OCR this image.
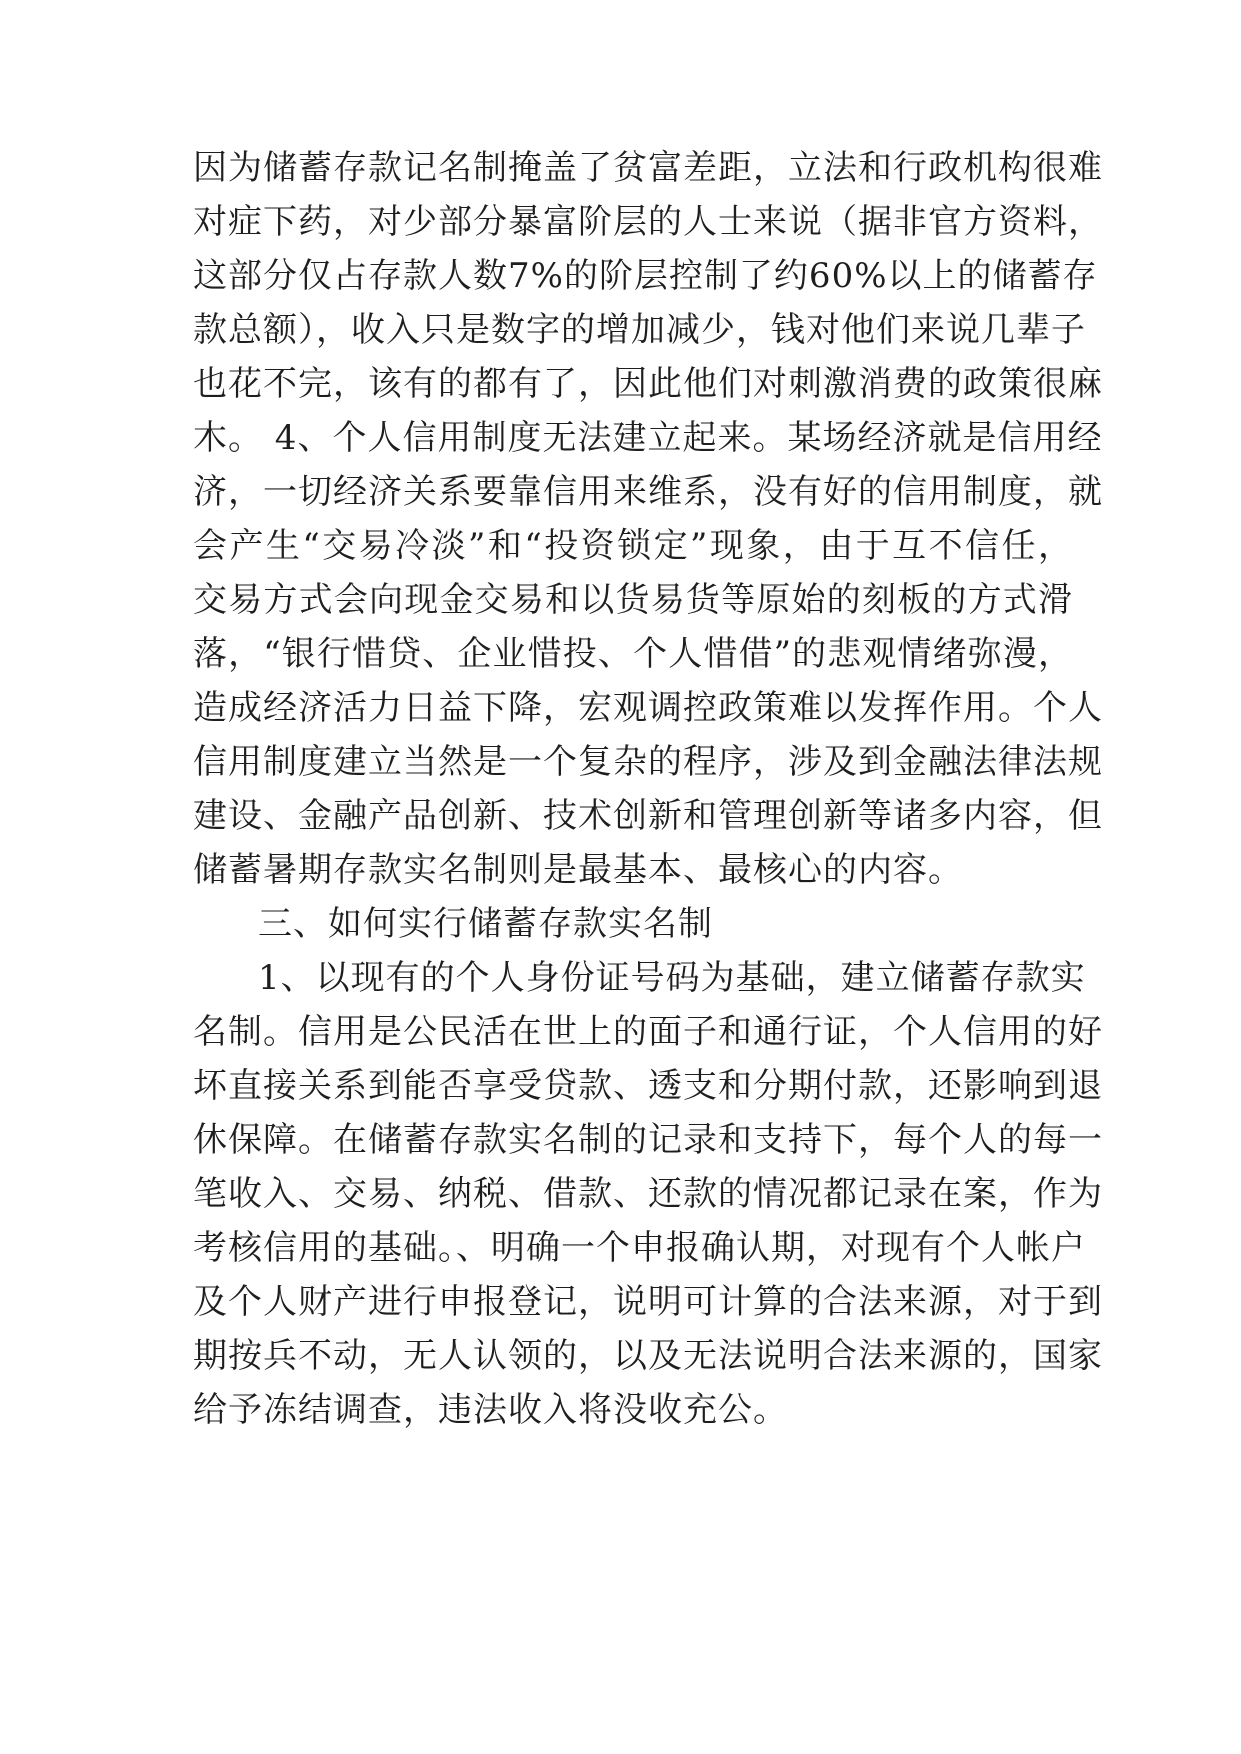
因为储蓄存款记名制掩盖了贫富差距，立法和行政机构很难
对症下药，对少部分暴富阶层的人士来说（据非官方资料，
这部分仅占存款人数7%的阶层控制了约60%以上的储蓄存
款总额），收入只是数字的增加减少，钱对他们来说几辈子
也花不完，该有的都有了，因此他们对刺激消费的政策很麻
木。 4、个人信用制度无法建立起来。某场经济就是信用经
济，一切经济关系要靠信用来维系，没有好的信用制度，就
会产生“交易冷淡”和“投资锁定”现象，由于互不信任，
交易方式会向现金交易和以货易货等原始的刻板的方式滑
落，“银行惜贷、企业惜投、个人惜借”的悲观情绪弥漫，
造成经济活力日益下降，宏观调控政策难以发挥作用。个人
信用制度建立当然是一个复杂的程序，涉及到金融法律法规
建设、金融产品创新、技术创新和管理创新等诸多内容，但
储蓄暑期存款实名制则是最基本、最核心的内容。
三、如何实行储蓄存款实名制
1、以现有的个人身份证号码为基础，建立储蓄存款实
名制。信用是公民活在世上的面子和通行证，个人信用的好
坏直接关系到能否享受贷款、透支和分期付款，还影响到退
休保障。在储蓄存款实名制的记录和支持下，每个人的每一
笔收入、交易、纳税、借款、还款的情况都记录在案，作为
考核信用的基础。、明确一个申报确认期，对现有个人帐户
及个人财产进行申报登记，说明可计算的合法来源，对于到
期按兵不动，无人认领的，以及无法说明合法来源的，国家
给予冻结调查，违法收入将没收充公。
